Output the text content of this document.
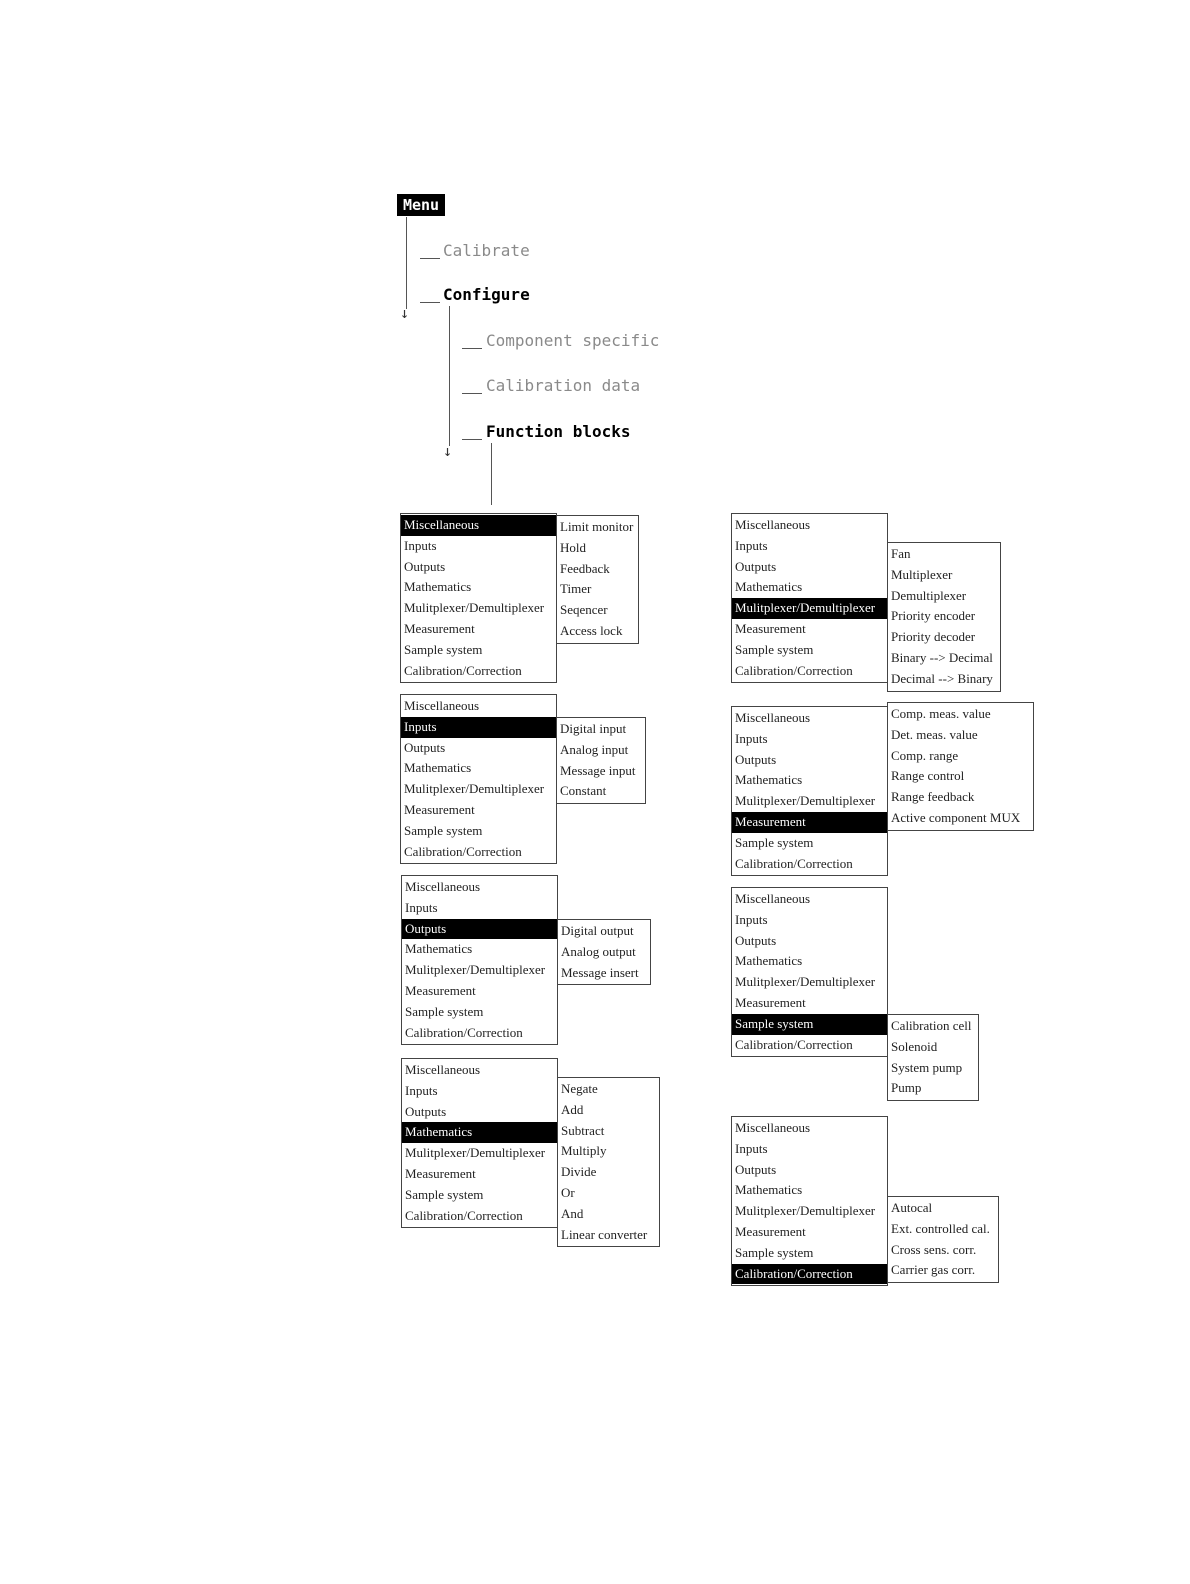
Menu
↓
Calibrate
Configure
↓
Component specific
Calibration data
Function blocks
Miscellaneous
Inputs
Outputs
Mathematics
Mulitplexer/Demultiplexer
Measurement
Sample system
Calibration/Correction
Limit monitor
Hold
Feedback
Timer
Seqencer
Access lock
Miscellaneous
Inputs
Outputs
Mathematics
Mulitplexer/Demultiplexer
Measurement
Sample system
Calibration/Correction
Digital input
Analog input
Message input
Constant
Miscellaneous
Inputs
Outputs
Mathematics
Mulitplexer/Demultiplexer
Measurement
Sample system
Calibration/Correction
Digital output
Analog output
Message insert
Miscellaneous
Inputs
Outputs
Mathematics
Mulitplexer/Demultiplexer
Measurement
Sample system
Calibration/Correction
Negate
Add
Subtract
Multiply
Divide
Or
And
Linear converter
Miscellaneous
Inputs
Outputs
Mathematics
Mulitplexer/Demultiplexer
Measurement
Sample system
Calibration/Correction
Fan
Multiplexer
Demultiplexer
Priority encoder
Priority decoder
Binary --> Decimal
Decimal --> Binary
Miscellaneous
Inputs
Outputs
Mathematics
Mulitplexer/Demultiplexer
Measurement
Sample system
Calibration/Correction
Comp. meas. value
Det. meas. value
Comp. range
Range control
Range feedback
Active component MUX
Miscellaneous
Inputs
Outputs
Mathematics
Mulitplexer/Demultiplexer
Measurement
Sample system
Calibration/Correction
Calibration cell
Solenoid
System pump
Pump
Miscellaneous
Inputs
Outputs
Mathematics
Mulitplexer/Demultiplexer
Measurement
Sample system
Calibration/Correction
Autocal
Ext. controlled cal.
Cross sens. corr.
Carrier gas corr.
